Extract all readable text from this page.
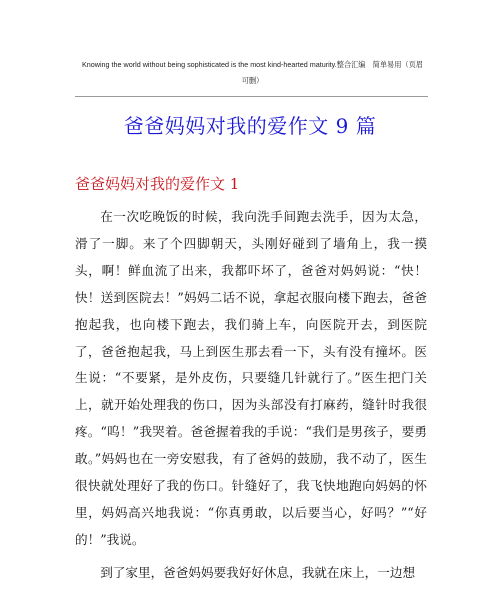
Knowing the world without being sophisticated is the most kind-hearted maturity.整合汇编　简单易用（页眉
可删）
爸爸妈妈对我的爱作文 9 篇
爸爸妈妈对我的爱作文 1

在一次吃晚饭的时候，我向洗手间跑去洗手，因为太急，滑了一脚。来了个四脚朝天，头刚好碰到了墙角上，我一摸头，啊！鲜血流了出来，我都吓坏了，爸爸对妈妈说：“快！快！送到医院去！”妈妈二话不说，拿起衣服向楼下跑去，爸爸抱起我，也向楼下跑去，我们骑上车，向医院开去，到医院了，爸爸抱起我，马上到医生那去看一下，头有没有撞坏。医生说：“不要紧，是外皮伤，只要缝几针就行了。”医生把门关上，就开始处理我的伤口，因为头部没有打麻药，缝针时我很疼。“呜！”我哭着。爸爸握着我的手说：“我们是男孩子，要勇敢。”妈妈也在一旁安慰我，有了爸妈的鼓励，我不动了，医生很快就处理好了我的伤口。针缝好了，我飞快地跑向妈妈的怀里，妈妈高兴地我说：“你真勇敢，以后要当心，好吗？”“好的！”我说。

到了家里，爸爸妈妈要我好好休息，我就在床上，一边想
